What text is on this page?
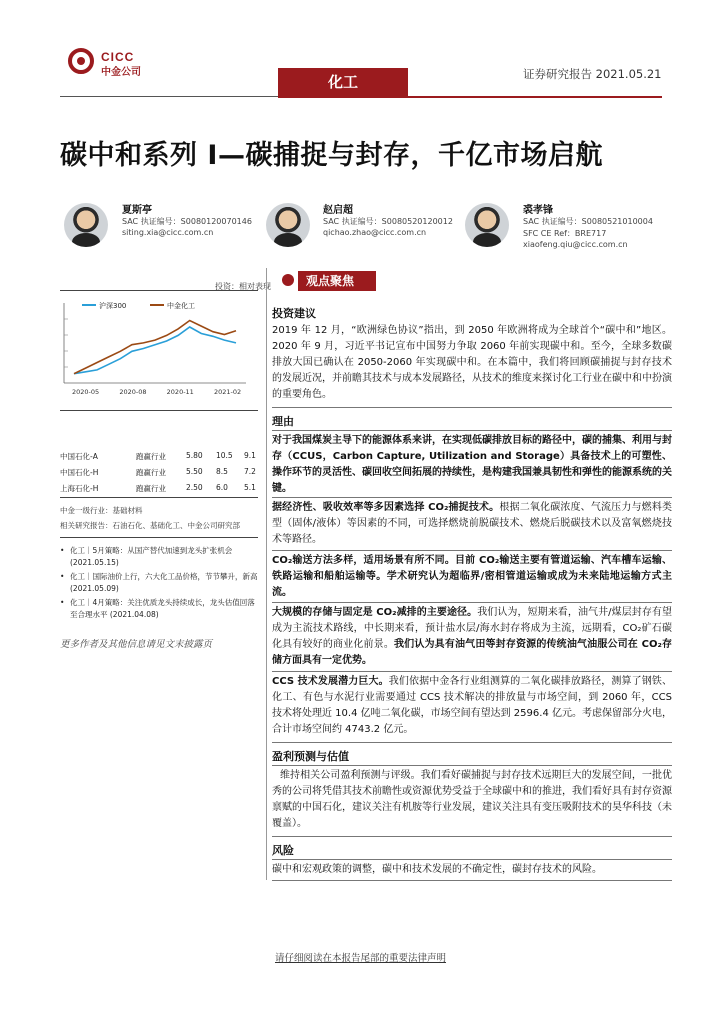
CICC
中金公司
化工	证券研究报告 2021.05.21
碳中和系列 I—碳捕捉与封存，千亿市场启航
夏斯亭
SAC 执证编号：S0080120070146
siting.xia@cicc.com.cn
赵启超
SAC 执证编号：S0080520120012
qichao.zhao@cicc.com.cn
裘孝锋
SAC 执证编号：S0080521010004
SFC CE Ref：BRE717
xiaofeng.qiu@cicc.com.cn
投资：相对表现
沪深300	中金化工
2020-05	2020-08	2020-11	2021-02
中国石化-A	跑赢行业	5.80 10.5 9.1
中国石化-H	跑赢行业	5.50 8.5 7.2
上海石化-H	跑赢行业	2.50 6.0 5.1
中金一级行业：基础材料
相关研究报告：石油石化、基础化工、中金公司研究部
• 化工｜5月策略：从国产替代加速到龙头扩张机会 (2021.05.15)
• 化工｜国际油价上行，六大化工品价格，节节攀升，新高 (2021.05.09)
• 化工｜4月策略：关注优质龙头持续成长，龙头估值回落至合理水平 (2021.04.08)
更多作者及其他信息请见文末披露页
观点聚焦
投资建议
2019 年 12 月，“欧洲绿色协议”指出，到 2050 年欧洲将成为全球首个“碳中和”地区。2020 年 9 月，习近平书记宣布中国努力争取 2060 年前实现碳中和。至今，全球多数碳排放大国已确认在 2050-2060 年实现碳中和。在本篇中，我们将回顾碳捕捉与封存技术的发展近况，并前瞻其技术与成本发展路径，从技术的维度来探讨化工行业在碳中和中扮演的重要角色。
理由
对于我国煤炭主导下的能源体系来讲，在实现低碳排放目标的路径中，碳的捕集、利用与封存（CCUS，Carbon Capture, Utilization and Storage）具备技术上的可塑性、操作环节的灵活性、碳回收空间拓展的持续性，是构建我国兼具韧性和弹性的能源系统的关键。
据经济性、吸收效率等多因素选择 CO₂捕捉技术。根据二氧化碳浓度、气流压力与燃料类型（固体/液体）等因素的不同，可选择燃烧前脱碳技术、燃烧后脱碳技术以及富氧燃烧技术等路径。
CO₂输送方法多样，适用场景有所不同。目前 CO₂输送主要有管道运输、汽车槽车运输、铁路运输和船舶运输等。学术研究认为超临界/密相管道运输或成为未来陆地运输方式主流。
大规模的存储与固定是 CO₂减排的主要途径。我们认为，短期来看，油气井/煤层封存有望成为主流技术路线，中长期来看，预计盐水层/海水封存将成为主流，远期看，CO₂矿石碳化具有较好的商业化前景。我们认为具有油气田等封存资源的传统油气油服公司在 CO₂存储方面具有一定优势。
CCS 技术发展潜力巨大。我们依据中金各行业组测算的二氧化碳排放路径，测算了钢铁、化工、有色与水泥行业需要通过 CCS 技术解决的排放量与市场空间，到 2060 年，CCS 技术将处理近 10.4 亿吨二氧化碳，市场空间有望达到 2596.4 亿元。考虑保留部分火电，合计市场空间约 4743.2 亿元。
盈利预测与估值
维持相关公司盈利预测与评级。我们看好碳捕捉与封存技术远期巨大的发展空间，一批优秀的公司将凭借其技术前瞻性或资源优势受益于全球碳中和的推进，我们看好具有封存资源禀赋的中国石化，建议关注有机胺等行业发展，建议关注具有变压吸附技术的昊华科技（未覆盖）。
风险
碳中和宏观政策的调整，碳中和技术发展的不确定性，碳封存技术的风险。
请仔细阅读在本报告尾部的重要法律声明
